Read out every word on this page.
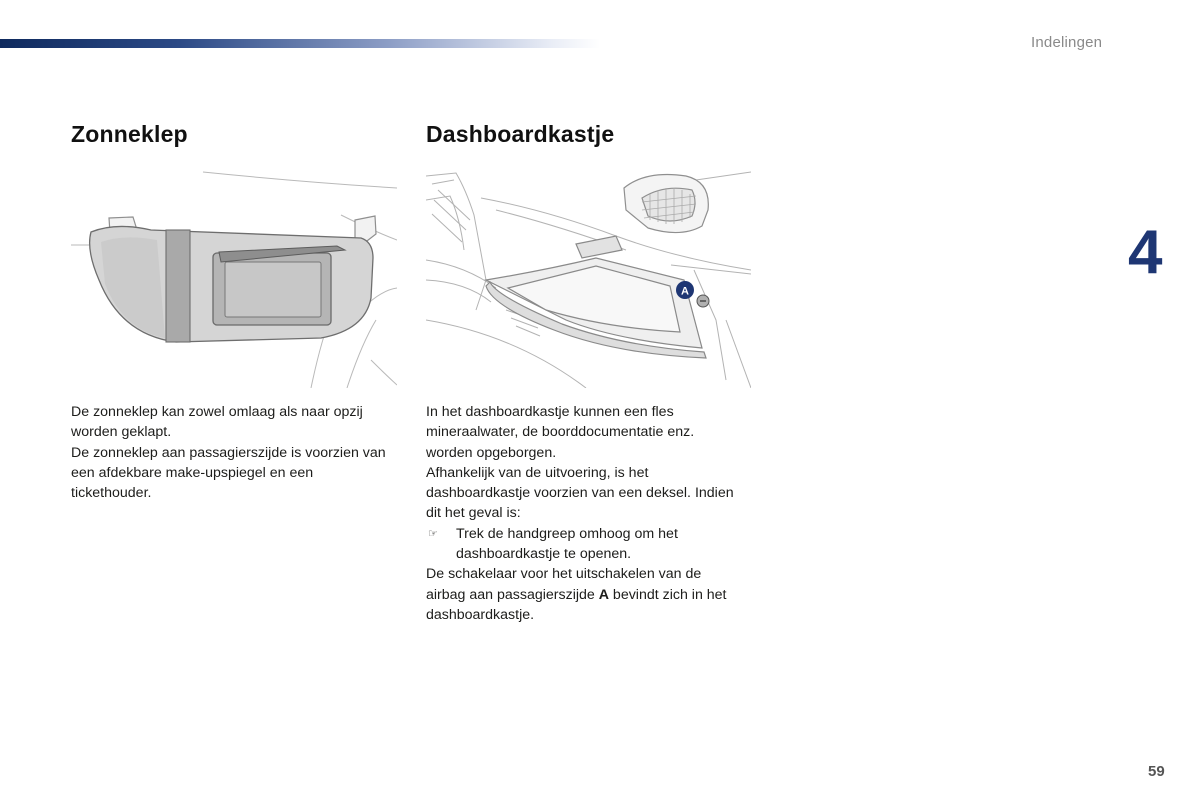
Indelingen
4
59
Zonneklep

De zonneklep kan zowel omlaag als naar opzij worden geklapt.

De zonneklep aan passagierszijde is voorzien van een afdekbare make-upspiegel en een tickethouder.

Dashboardkastje
A

In het dashboardkastje kunnen een fles mineraalwater, de boorddocumentatie enz. worden opgeborgen.

Afhankelijk van de uitvoering, is het dashboardkastje voorzien van een deksel. Indien dit het geval is:

☞	Trek de handgreep omhoog om het dashboardkastje te openen.

De schakelaar voor het uitschakelen van de airbag aan passagierszijde A bevindt zich in het dashboardkastje.
